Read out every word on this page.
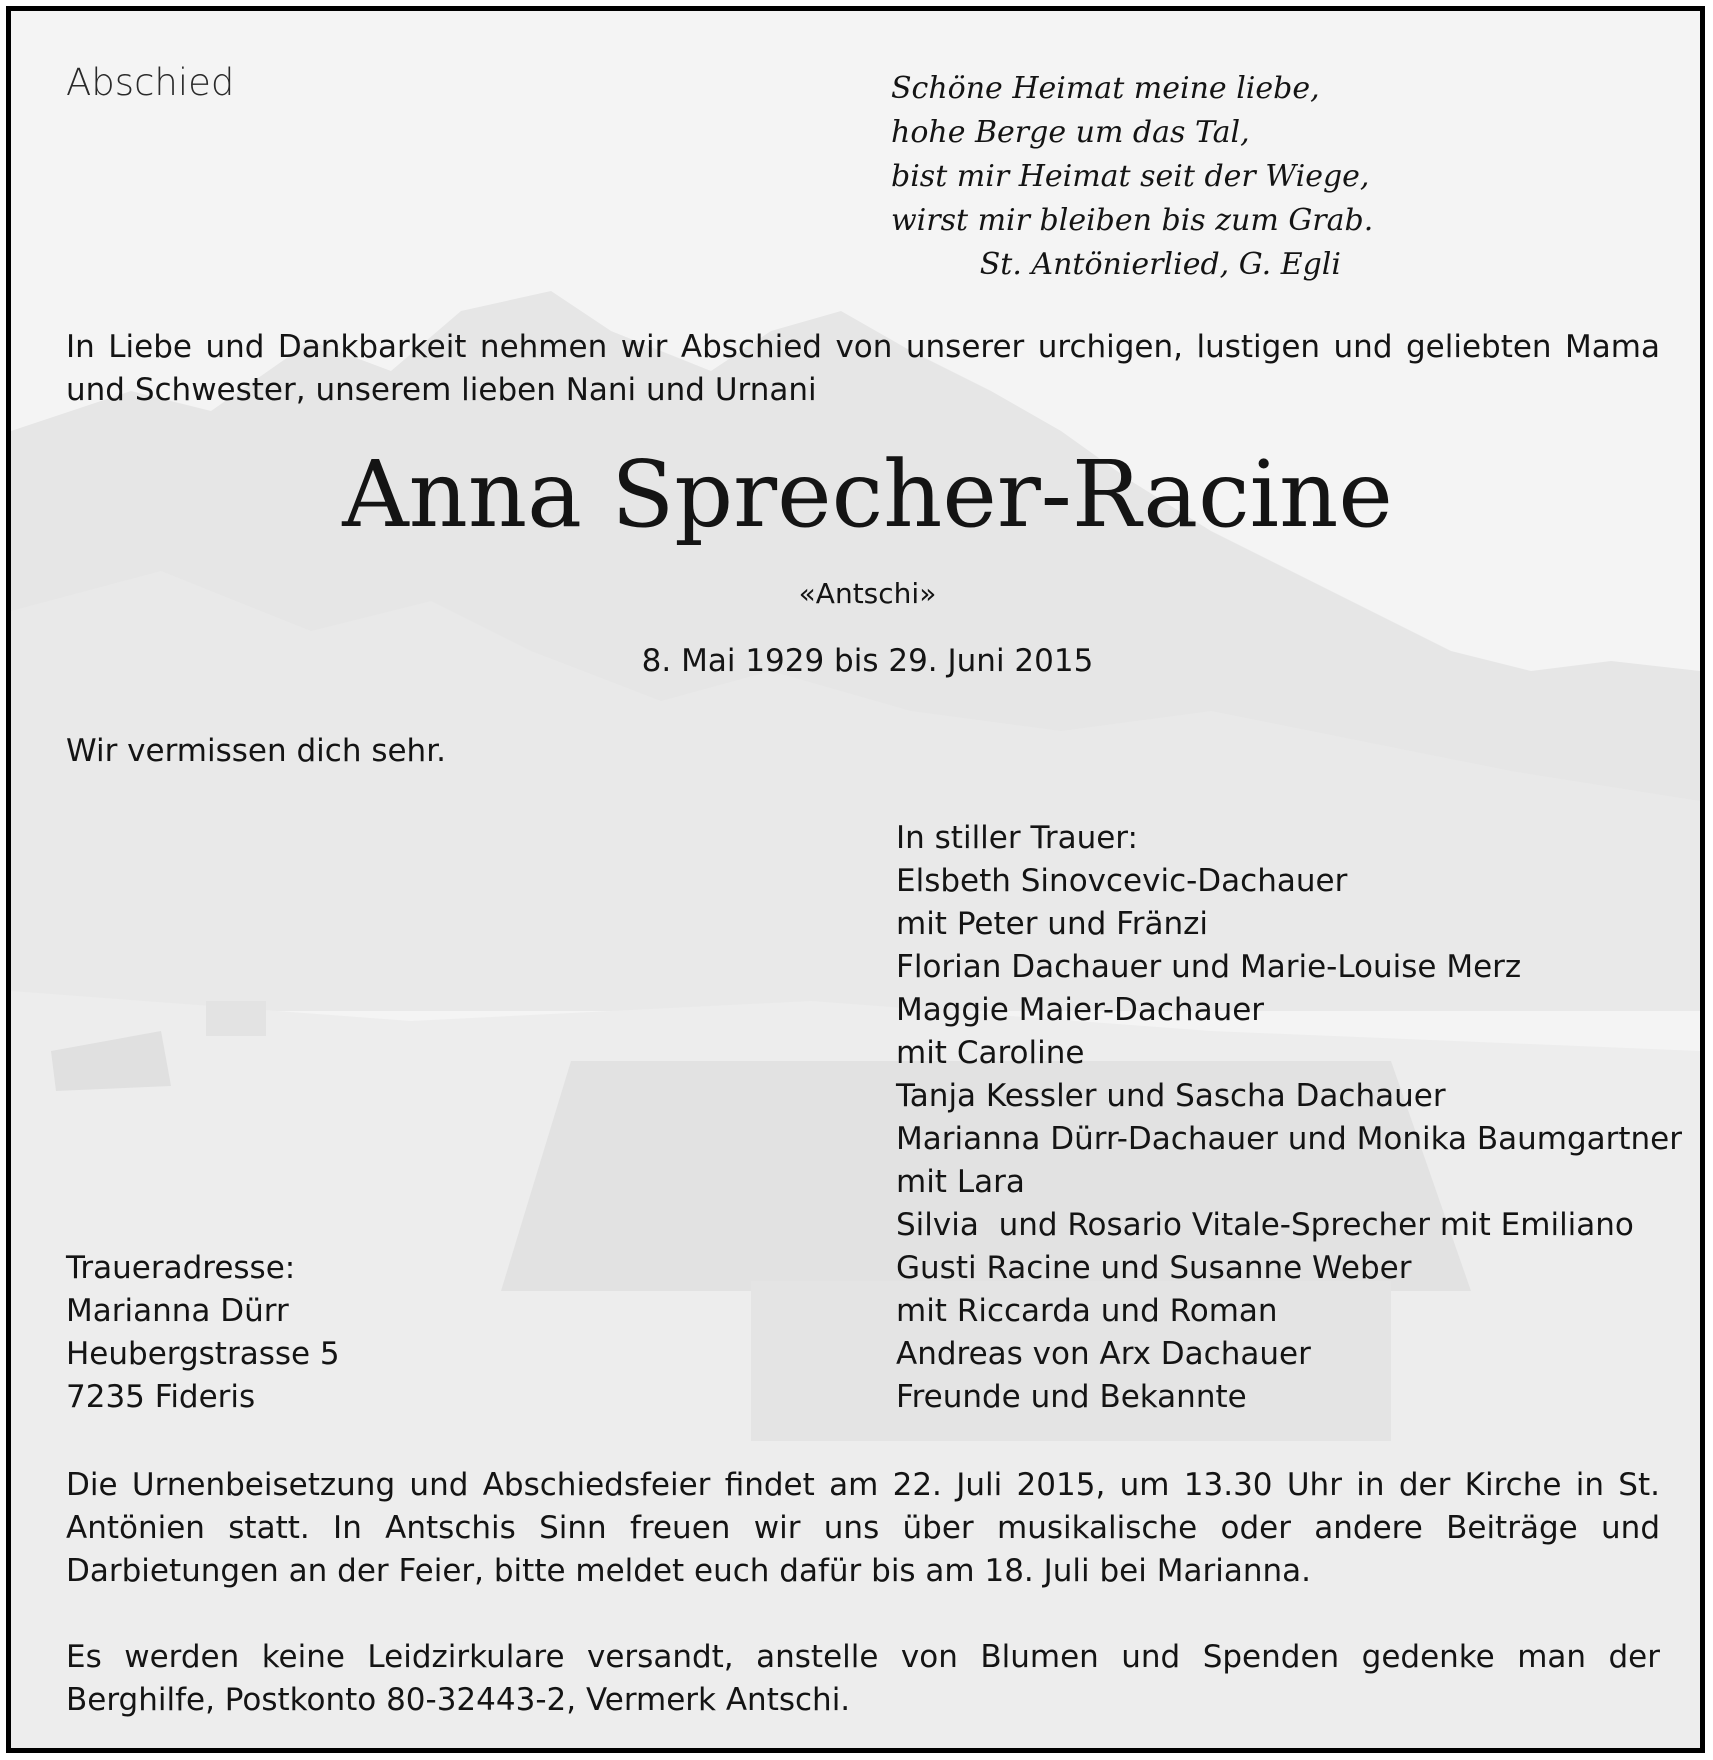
Abschied	Schöne Heimat meine liebe,
hohe Berge um das Tal,
bist mir Heimat seit der Wiege,
wirst mir bleiben bis zum Grab.
St. Antönierlied, G. Egli
In Liebe und Dankbarkeit nehmen wir Abschied von unserer urchigen, lustigen und geliebten Mama und Schwester, unserem lieben Nani und Urnani
Anna Sprecher-Racine
«Antschi»
8. Mai 1929 bis 29. Juni 2015
Wir vermissen dich sehr.
In stiller Trauer:
Elsbeth Sinovcevic-Dachauer
mit Peter und Fränzi
Florian Dachauer und Marie-Louise Merz
Maggie Maier-Dachauer
mit Caroline
Tanja Kessler und Sascha Dachauer
Marianna Dürr-Dachauer und Monika Baumgartner
mit Lara
Silvia  und Rosario Vitale-Sprecher mit Emiliano
Gusti Racine und Susanne Weber
mit Riccarda und Roman
Andreas von Arx Dachauer
Freunde und Bekannte
Traueradresse:
Marianna Dürr
Heubergstrasse 5
7235 Fideris
Die Urnenbeisetzung und Abschiedsfeier findet am 22. Juli 2015, um 13.30 Uhr in der Kirche in St. Antönien statt. In Antschis Sinn freuen wir uns über musikalische oder andere Beiträge und Darbietungen an der Feier, bitte meldet euch dafür bis am 18. Juli bei Marianna.
Es werden keine Leidzirkulare versandt, anstelle von Blumen und Spenden gedenke man der Berghilfe, Postkonto 80-32443-2, Vermerk Antschi.
